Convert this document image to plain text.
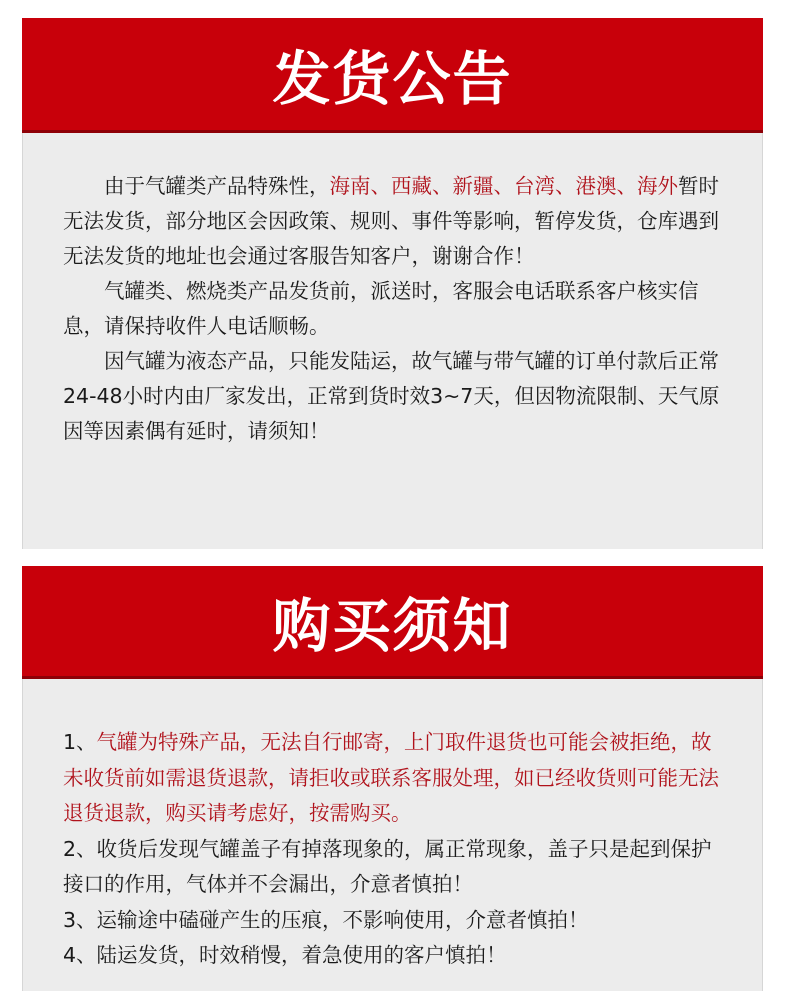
发货公告

由于气罐类产品特殊性，海南、西藏、新疆、台湾、港澳、海外暂时无法发货，部分地区会因政策、规则、事件等影响，暂停发货，仓库遇到无法发货的地址也会通过客服告知客户，谢谢合作！

气罐类、燃烧类产品发货前，派送时，客服会电话联系客户核实信息，请保持收件人电话顺畅。

因气罐为液态产品，只能发陆运，故气罐与带气罐的订单付款后正常24-48小时内由厂家发出，正常到货时效3~7天，但因物流限制、天气原因等因素偶有延时，请须知！

购买须知

1、气罐为特殊产品，无法自行邮寄，上门取件退货也可能会被拒绝，故未收货前如需退货退款，请拒收或联系客服处理，如已经收货则可能无法退货退款，购买请考虑好，按需购买。

2、收货后发现气罐盖子有掉落现象的，属正常现象，盖子只是起到保护接口的作用，气体并不会漏出，介意者慎拍！

3、运输途中磕碰产生的压痕，不影响使用，介意者慎拍！

4、陆运发货，时效稍慢，着急使用的客户慎拍！
